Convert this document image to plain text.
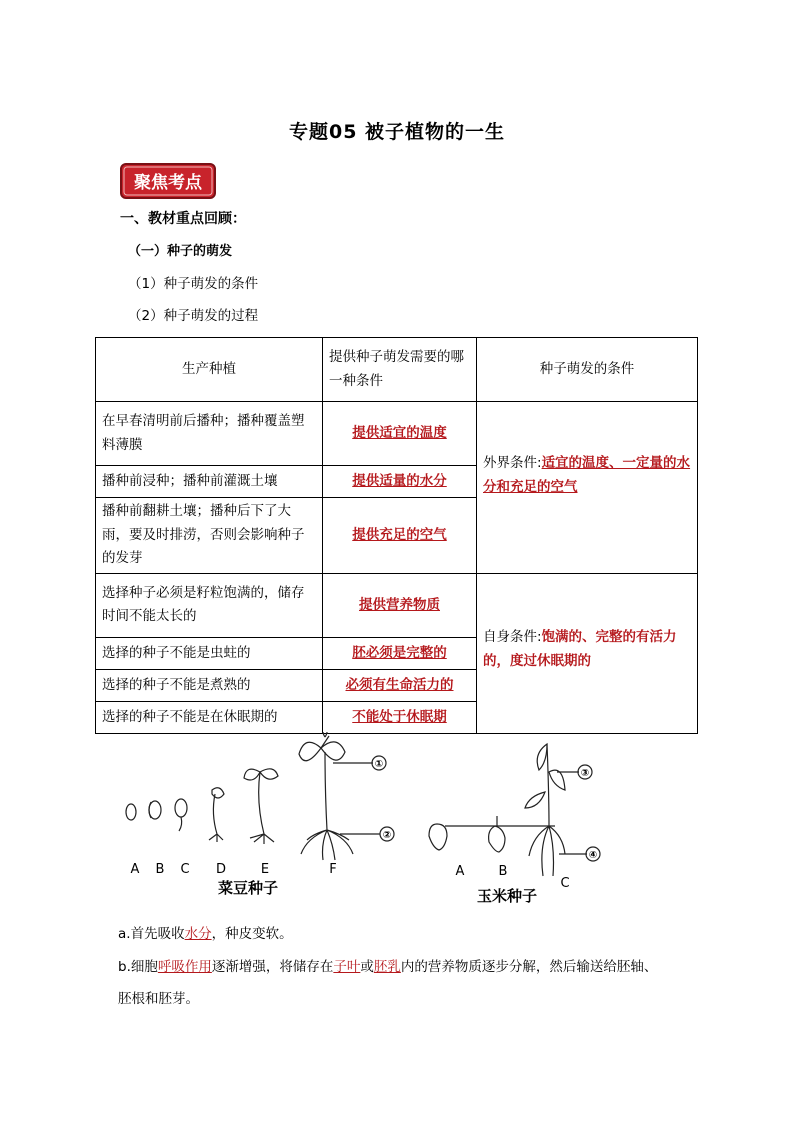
专题05 被子植物的一生
聚焦考点
一、教材重点回顾：
（一）种子的萌发
（1）种子萌发的条件
（2）种子萌发的过程
生产种植	提供种子萌发需要的哪一种条件	种子萌发的条件
在早春清明前后播种；播种覆盖塑料薄膜	提供适宜的温度	外界条件:适宜的温度、一定量的水分和充足的空气
播种前浸种；播种前灌溉土壤	提供适量的水分	
播种前翻耕土壤；播种后下了大雨，要及时排涝，否则会影响种子的发芽	提供充足的空气	
选择种子必须是籽粒饱满的，储存时间不能太长的	提供营养物质	自身条件:饱满的、完整的有活力的，度过休眠期的
选择的种子不能是虫蛀的	胚必须是完整的	
选择的种子不能是煮熟的	必须有生命活力的	
选择的种子不能是在休眠期的	不能处于休眠期	
①
②
③
④
A B C D	E	F	A	B
C
菜豆种子	玉米种子
a.首先吸收水分，种皮变软。
b.细胞呼吸作用逐渐增强，将储存在子叶或胚乳内的营养物质逐步分解，然后输送给胚轴、
胚根和胚芽。
